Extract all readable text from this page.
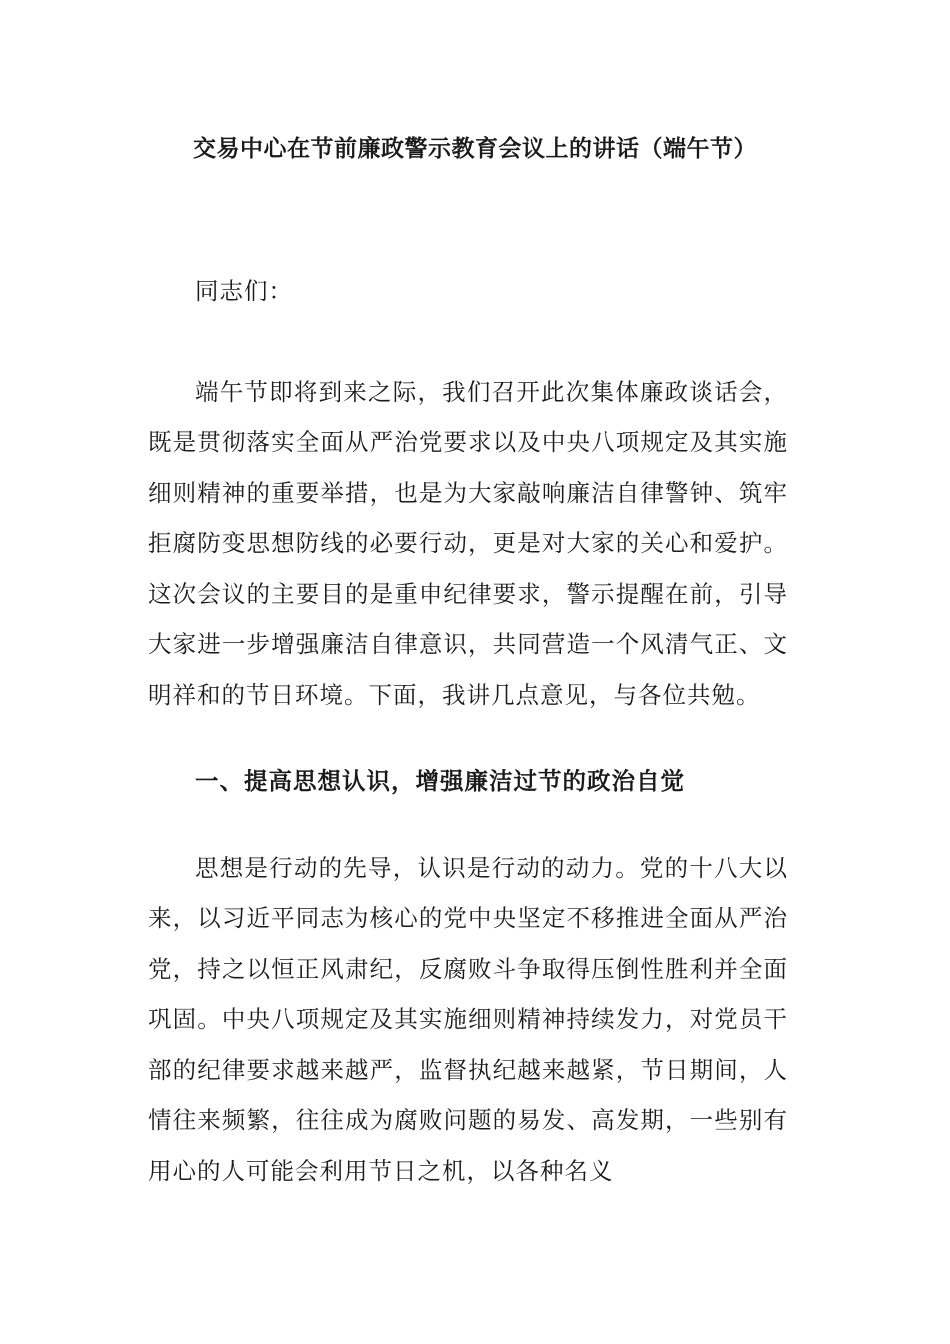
交易中心在节前廉政警示教育会议上的讲话（端午节）

同志们：

端午节即将到来之际，我们召开此次集体廉政谈话会，既是贯彻落实全面从严治党要求以及中央八项规定及其实施细则精神的重要举措，也是为大家敲响廉洁自律警钟、筑牢拒腐防变思想防线的必要行动，更是对大家的关心和爱护。这次会议的主要目的是重申纪律要求，警示提醒在前，引导大家进一步增强廉洁自律意识，共同营造一个风清气正、文明祥和的节日环境。下面，我讲几点意见，与各位共勉。

一、提高思想认识，增强廉洁过节的政治自觉

思想是行动的先导，认识是行动的动力。党的十八大以来，以习近平同志为核心的党中央坚定不移推进全面从严治党，持之以恒正风肃纪，反腐败斗争取得压倒性胜利并全面巩固。中央八项规定及其实施细则精神持续发力，对党员干部的纪律要求越来越严，监督执纪越来越紧，节日期间，人情往来频繁，往往成为腐败问题的易发、高发期，一些别有用心的人可能会利用节日之机，以各种名义
